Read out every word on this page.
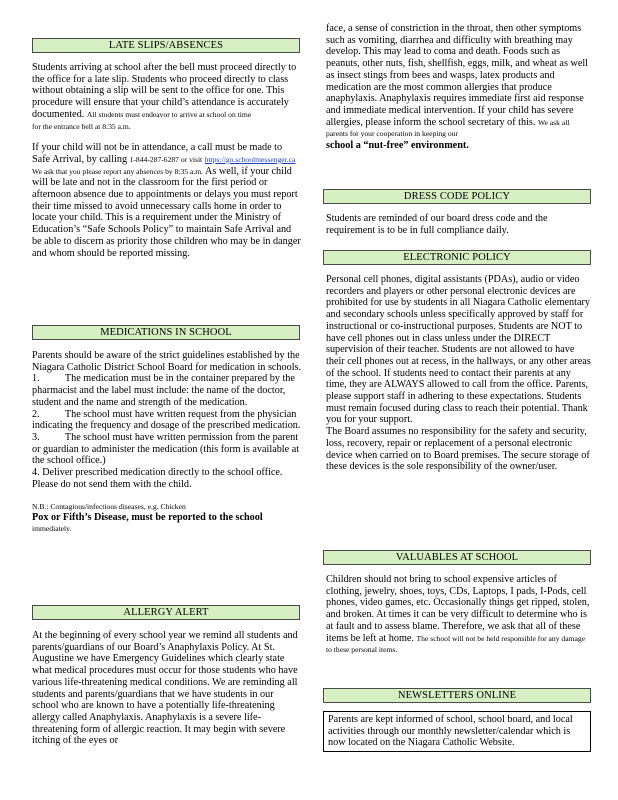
LATE SLIPS/ABSENCES

Students arriving at school after the bell must proceed directly to the office for a late slip. Students who proceed directly to class without obtaining a slip will be sent to the office for one. This procedure will ensure that your child’s attendance is accurately documented. All students must endeavor to arrive at school on time
for the entrance bell at 8:35 a.m.

If your child will not be in attendance, a call must be made to Safe Arrival, by calling 1-844-287-6287 or visit https://go.schoolmessenger.ca We ask that you please report any absences by 8:35 a.m. As well, if your child will be late and not in the classroom for the first period or afternoon absence due to appointments or delays you must report their time missed to avoid unnecessary calls home in order to locate your child. This is a requirement under the Ministry of Education’s “Safe Schools Policy” to maintain Safe Arrival and be able to discern as priority those children who may be in danger and whom should be reported missing.

MEDICATIONS IN SCHOOL

Parents should be aware of the strict guidelines established by the Niagara Catholic District School Board for medication in schools.

1.          The medication must be in the container prepared by the pharmacist and the label must include: the name of the doctor, student and the name and strength of the medication.

2.          The school must have written request from the physician indicating the frequency and dosage of the prescribed medication.

3.          The school must have written permission from the parent or guardian to administer the medication (this form is available at the school office.)

4. Deliver prescribed medication directly to the school office. Please do not send them with the child.

N.B.: Contagious/infectious diseases, e.g. Chicken

Pox or Fifth’s Disease, must be reported to the school

immediately.

ALLERGY ALERT
At the beginning of every school year we remind all students and parents/guardians of our Board’s Anaphylaxis Policy. At St. Augustine we have Emergency Guidelines which clearly state what medical procedures must occur for those students who have various life-threatening medical conditions. We are reminding all students and parents/guardians that we have students in our school who are known to have a potentially life-threatening allergy called Anaphylaxis. Anaphylaxis is a severe life-threatening form of allergic reaction. It may begin with severe itching of the eyes or
face, a sense of constriction in the throat, then other symptoms such as vomiting, diarrhea and difficulty with breathing may develop. This may lead to coma and death. Foods such as peanuts, other nuts, fish, shellfish, eggs, milk, and wheat as well as insect stings from bees and wasps, latex products and medication are the most common allergies that produce anaphylaxis. Anaphylaxis requires immediate first aid response and immediate medical intervention. If your child has severe allergies, please inform the school secretary of this. We ask all parents for your cooperation in keeping our
school a “nut-free” environment.
DRESS CODE POLICY
Students are reminded of our board dress code and the requirement is to be in full compliance daily.
ELECTRONIC POLICY

Personal cell phones, digital assistants (PDAs), audio or video recorders and players or other personal electronic devices are prohibited for use by students in all Niagara Catholic elementary and secondary schools unless specifically approved by staff for instructional or co-instructional purposes. Students are NOT to have cell phones out in class unless under the DIRECT supervision of their teacher. Students are not allowed to have their cell phones out at recess, in the hallways, or any other areas of the school. If students need to contact their parents at any time, they are ALWAYS allowed to call from the office. Parents, please support staff in adhering to these expectations. Students must remain focused during class to reach their potential. Thank you for your support.

The Board assumes no responsibility for the safety and security, loss, recovery, repair or replacement of a personal electronic device when carried on to Board premises. The secure storage of these devices is the sole responsibility of the owner/user.

VALUABLES AT SCHOOL
Children should not bring to school expensive articles of clothing, jewelry, shoes, toys, CDs, Laptops, I pads, I-Pods, cell phones, video games, etc. Occasionally things get ripped, stolen, and broken. At times it can be very difficult to determine who is at fault and to assess blame. Therefore, we ask that all of these items be left at home. The school will not be held responsible for any damage to these personal items.
NEWSLETTERS ONLINE
Parents are kept informed of school, school board, and local activities through our monthly newsletter/calendar which is now located on the Niagara Catholic Website.
